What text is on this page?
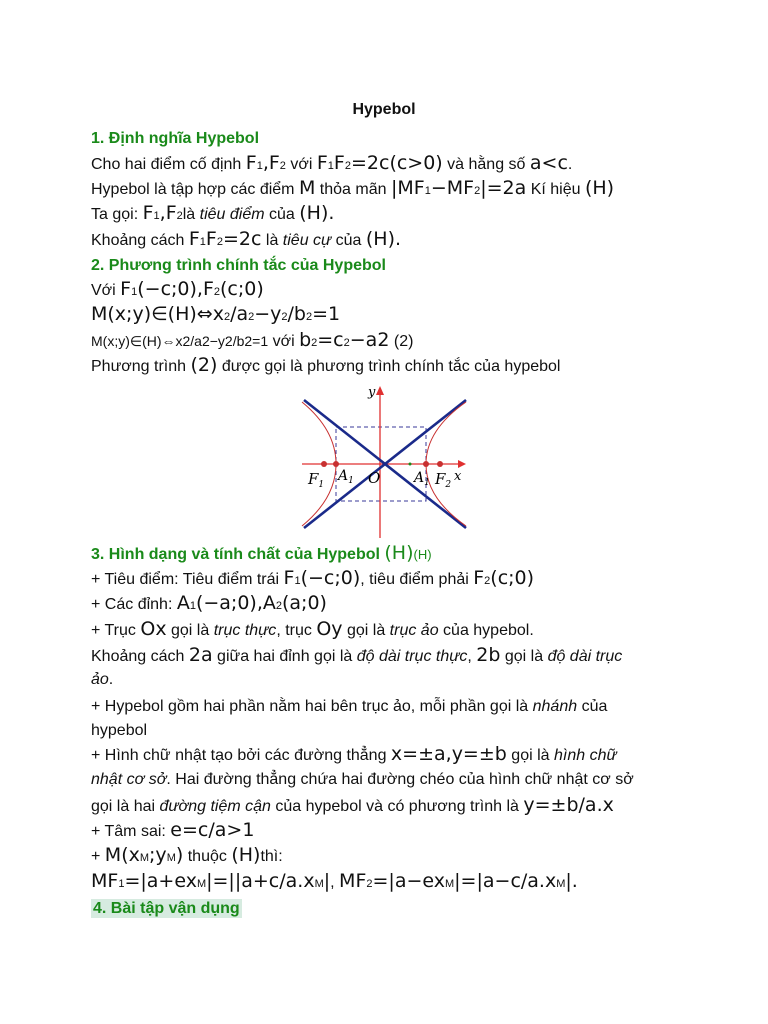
Hypebol
1. Định nghĩa Hypebol
Cho hai điểm cố định F1,F2 với F1F2=2c(c>0) và hằng số a<c.
Hypebol là tập hợp các điểm M thỏa mãn |MF1−MF2|=2a Kí hiệu (H)
Ta gọi: F1,F2là tiêu điểm của (H).
Khoảng cách F1F2=2c là tiêu cự của (H).
2. Phương trình chính tắc của Hypebol
Với F1(−c;0),F2(c;0)
M(x;y)∈(H)⇔x2/a2−y2/b2=1
M(x;y)∈(H)⇔x2/a2−y2/b2=1 với b2=c2−a2 (2)
Phương trình (2) được gọi là phương trình chính tắc của hypebol
y
x
O
$F_1$
$A_1$	$A_1$ $F_2$
3. Hình dạng và tính chất của Hypebol (H)(H)
+ Tiêu điểm: Tiêu điểm trái F1(−c;0), tiêu điểm phải F2(c;0)
+ Các đỉnh: A1(−a;0),A2(a;0)
+ Trục Ox gọi là trục thực, trục Oy gọi là trục ảo của hypebol.
Khoảng cách 2a giữa hai đỉnh gọi là độ dài trục thực, 2b gọi là độ dài trục
ảo.
+ Hypebol gồm hai phần nằm hai bên trục ảo, mỗi phần gọi là nhánh của
hypebol
+ Hình chữ nhật tạo bởi các đường thẳng x=±a,y=±b gọi là hình chữ
nhật cơ sở. Hai đường thẳng chứa hai đường chéo của hình chữ nhật cơ sở
gọi là hai đường tiệm cận của hypebol và có phương trình là y=±b/a.x
+ Tâm sai: e=c/a>1
+ M(xM;yM) thuộc (H)thì:
MF1=|a+exM|=||a+c/a.xM|, MF2=|a−exM|=|a−c/a.xM|.
4. Bài tập vận dụng
